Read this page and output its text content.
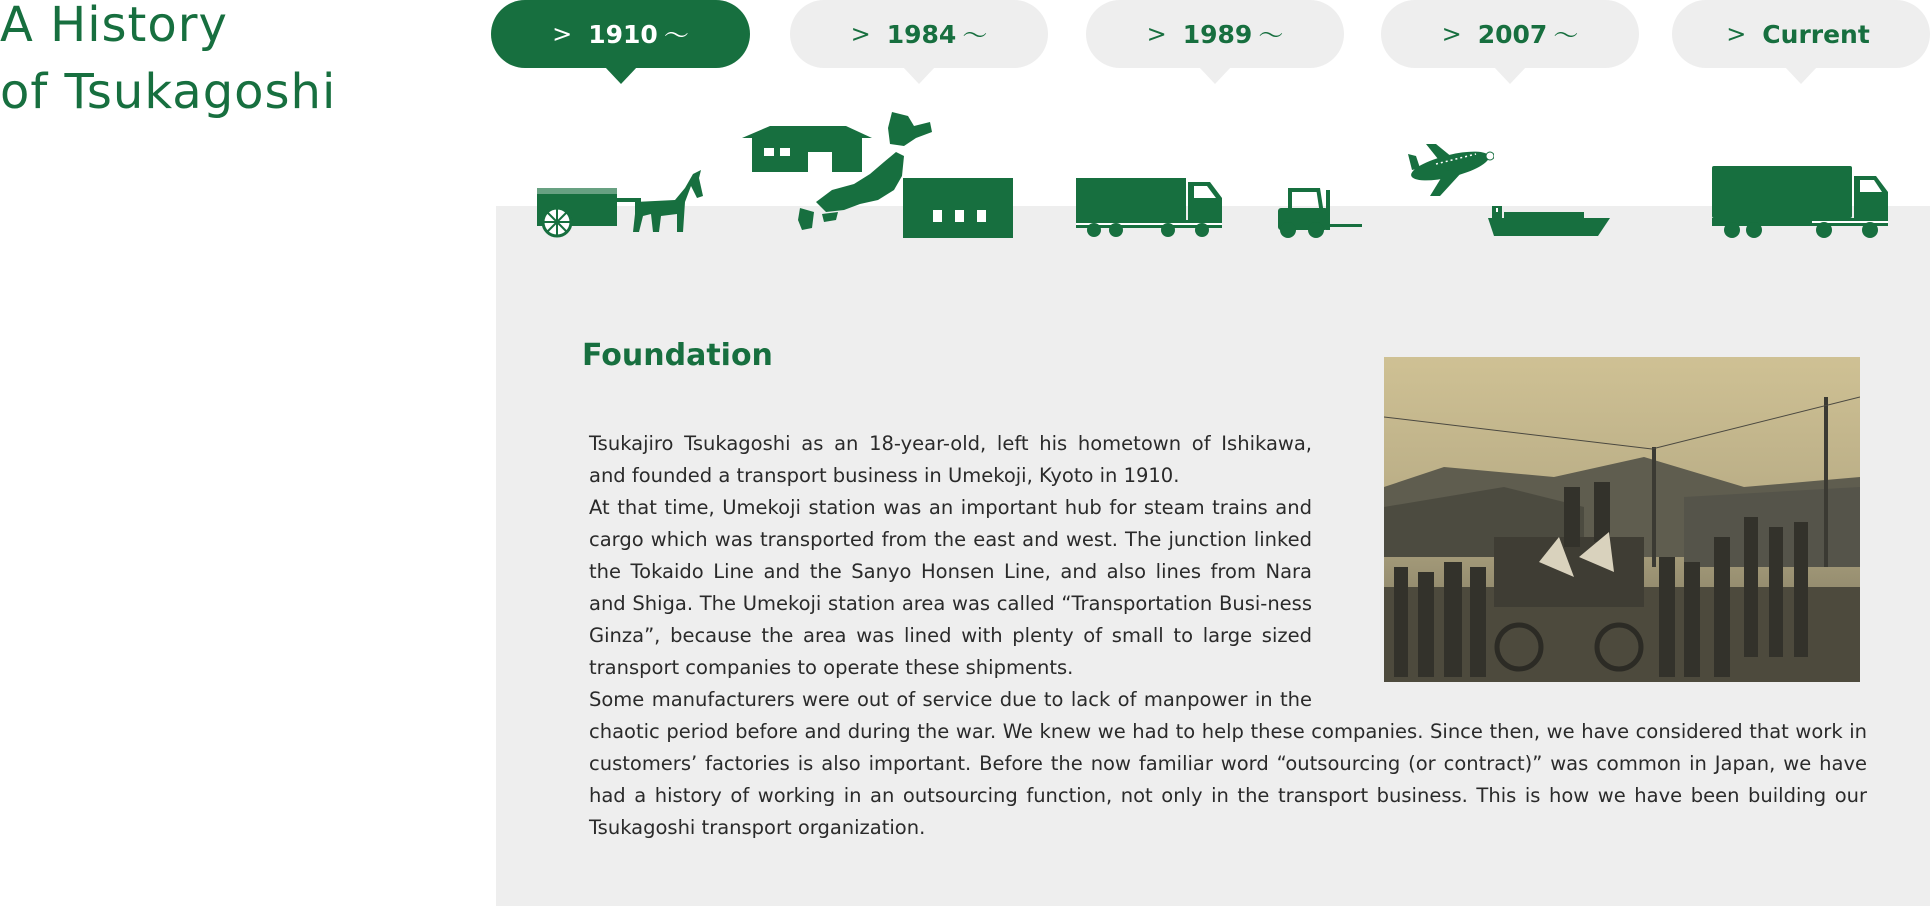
A History
of Tsukagoshi
> 1910 〜	> 1984 〜	> 1989 〜	> 2007 〜	> Current
Foundation
Tsukajiro Tsukagoshi as an 18-year-old, left his hometown of Ishikawa, and founded a transport business in Umekoji, Kyoto in 1910.
At that time, Umekoji station was an important hub for steam trains and cargo which was transported from the east and west. The junction linked the Tokaido Line and the Sanyo Honsen Line, and also lines from Nara and Shiga. The Umekoji station area was called “Transportation Busi-ness Ginza”, because the area was lined with plenty of small to large sized transport companies to operate these shipments.
Some manufacturers were out of service due to lack of manpower in the chaotic period before and during the war. We knew we had to help these companies. Since then, we have considered that work in customers’ factories is also important. Before the now familiar word “outsourcing (or contract)” was common in Japan, we have had a history of working in an outsourcing function, not only in the transport business. This is how we have been building our Tsukagoshi transport organization.
